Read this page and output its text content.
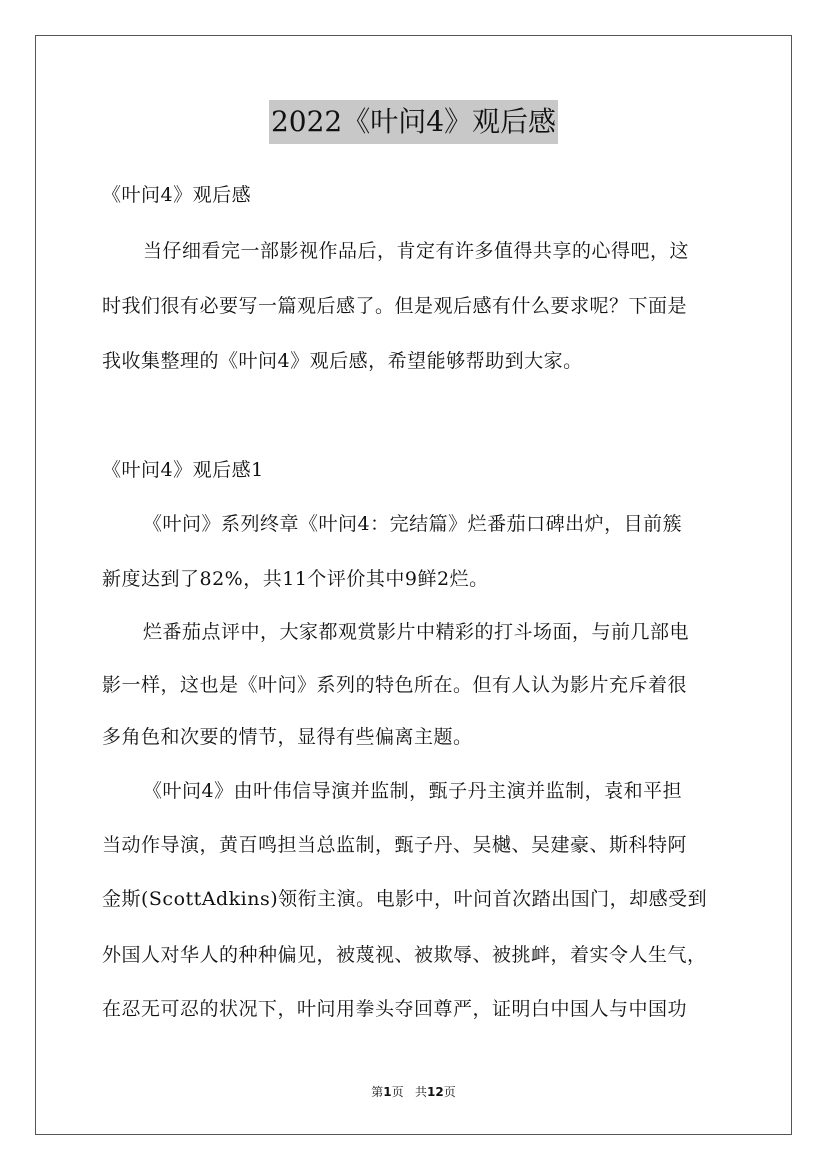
2022《叶问4》观后感
《叶问4》观后感
当仔细看完一部影视作品后，肯定有许多值得共享的心得吧，这
时我们很有必要写一篇观后感了。但是观后感有什么要求呢？下面是
我收集整理的《叶问4》观后感，希望能够帮助到大家。
《叶问4》观后感1
《叶问》系列终章《叶问4：完结篇》烂番茄口碑出炉，目前簇
新度达到了82%，共11个评价其中9鲜2烂。
烂番茄点评中，大家都观赏影片中精彩的打斗场面，与前几部电
影一样，这也是《叶问》系列的特色所在。但有人认为影片充斥着很
多角色和次要的情节，显得有些偏离主题。
《叶问4》由叶伟信导演并监制，甄子丹主演并监制，袁和平担
当动作导演，黄百鸣担当总监制，甄子丹、吴樾、吴建豪、斯科特阿
金斯(ScottAdkins)领衔主演。电影中，叶问首次踏出国门，却感受到
外国人对华人的种种偏见，被蔑视、被欺辱、被挑衅，着实令人生气，
在忍无可忍的状况下，叶问用拳头夺回尊严，证明白中国人与中国功
第1页   共12页
